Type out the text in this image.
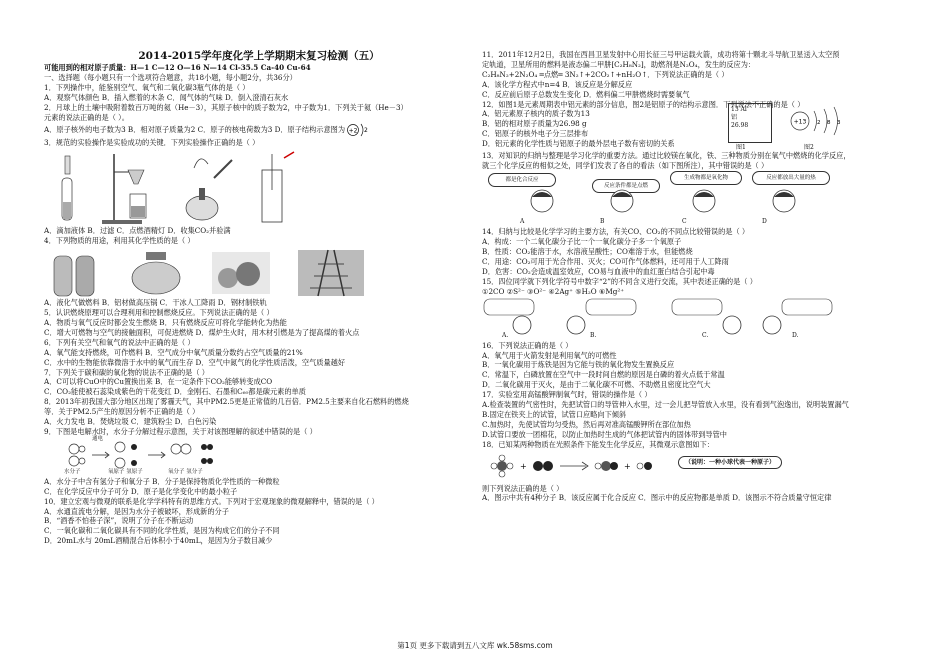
2014-2015学年度化学上学期期末复习检测（五）

可能用到的相对原子质量：H—1 C—12 O—16 N—14 Cl-35.5 Ca-40 Cu-64

一、选择题（每小题只有一个选项符合题意，共18小题，每小题2分，共36分）

1．下列操作中，能鉴别空气、氧气和二氧化碳3瓶气体的是（ ）

A．观察气体颜色 B．插入燃着的木条 C．闻气体的气味 D．倒入澄清石灰水

2．月球上的土壤中吸附着数百万吨的氦（He－3），其原子核中的质子数为2，中子数为1．下列关于氦（He－3）

元素的说法正确的是（ ）。

A．原子核外的电子数为3 B．相对原子质量为2 C．原子的核电荷数为3 D．原子结构示意图为 +2 2

3．规范的实验操作是实验成功的关键．下列实验操作正确的是（ ）

A．滴加液体 B．过滤 C．点燃酒精灯 D．收集CO₂并验满

4．下列物质的用途，利用其化学性质的是（ ）

A．液化气做燃料 B．铝材做高压锅 C．干冰人工降雨 D．钢材制铁轨

5．认识燃烧原理可以合理利用和控制燃烧反应。下列说法正确的是（ ）

A．物质与氧气反应时都会发生燃烧 B．只有燃烧反应可将化学能转化为热能

C．增大可燃物与空气的接触面积，可促进燃烧 D．煤炉生火时，用木材引燃是为了提高煤的着火点

6．下列有关空气和氧气的说法中正确的是（ ）

A．氧气能支持燃烧，可作燃料 B．空气成分中氧气质量分数约占空气质量的21%

C．水中的生物能依靠微溶于水中的氧气而生存 D．空气中氮气的化学性质活泼，空气质量越好

7．下列关于碳和碳的氧化物的说法不正确的是（ ）

A．C可以将CuO中的Cu置换出来 B．在一定条件下CO₂能够转变成CO

C．CO₂能使被石蕊染成紫色的干花变红 D．金刚石、石墨和C₆₀都是碳元素的单质

8．2013年初我国大部分地区出现了雾霾天气，其中PM2.5更是正常值的几百倍．PM2.5主要来自化石燃料的燃烧

等．关于PM2.5产生的原因分析不正确的是（ ）

A．火力发电 B．焚烧垃圾 C．建筑粉尘 D．白色污染

9．下图是电解水时，水分子分解过程示意图，关于对该图理解的叙述中错误的是（ ）

通电
水分子	氧原子 氢原子	氧分子 氢分子

A．水分子中含有氢分子和氧分子 B．分子是保持物质化学性质的一种微粒

C．在化学反应中分子可分 D．原子是化学变化中的最小粒子

10．建立宏观与微观的联系是化学学科特有的思维方式。下列对于宏观现象的微观解释中，错误的是（ ）

A．水通直流电分解，是因为水分子被破坏，形成新的分子

B．“酒香不怕巷子深”，说明了分子在不断运动

C．一氧化碳和二氧化碳具有不同的化学性质，是因为构成它们的分子不同

D．20mL水与 20mL酒精混合后体积小于40mL，是因为分子数目减少

11．2011年12月2日，我国在西昌卫星发射中心用长征三号甲运载火箭，成功将第十颗北斗导航卫星送入太空预

定轨道，卫星所用的燃料是液态偏二甲肼[C₂H₈N₂]，助燃剂是N₂O₄，发生的反应为：

C₂H₈N₂+2N₂O₄ ═点燃═ 3N₂↑+2CO₂↑+nH₂O↑．下列说法正确的是（ ）

A．该化学方程式中n=4 B．该反应是分解反应

C．反应前后原子总数发生变化 D．燃料偏二甲肼燃烧时需要氧气

12．如图1是元素周期表中铝元素的部分信息，图2是铝原子的结构示意图．下列说法不正确的是（ ）

A．铝元素原子核内的质子数为13

B．铝的相对原子质量为26.98 g

C．铝原子的核外电子分三层排布

D．铝元素的化学性质与铝原子的最外层电子数有密切的关系

13 Al
铝
26.98
图1
+13 2 8 3
图2

13．对知识的归纳与整理是学习化学的重要方法。通过比较镁在氧化，铁、三种物质分别在氧气中燃烧的化学反应，

就三个化学反应的相似之处，同学们发表了各自的看法（如下图所注），其中错误的是（ ）

都是化合反应
反应条件都是点燃
生成物都是氧化物	反应都放出大量的热
A	B	C	D

14．归纳与比较是化学学习的主要方法，有关CO、CO₂的不同点比较错误的是（ ）

A．构成：一个二氧化碳分子比一个一氧化碳分子多一个氧原子

B．性质：CO₂能溶于水，水溶液呈酸性；CO难溶于水，但能燃烧

C．用途：CO₂可用于光合作用、灭火；CO可作气体燃料，还可用于人工降雨

D．危害：CO₂会造成温室效应，CO易与血液中的血红蛋白结合引起中毒

15．四位同学就下列化学符号中数字“2”的不同含义进行交流，其中表述正确的是（ ）

①2CO ②S²⁻ ③O²⁻ ④2Ag⁺ ⑤H₂O ⑥Mg²⁺

A.	B.	C.	D.

16．下列说法正确的是（ ）

A．氧气用于火箭发射是利用氧气的可燃性

B．一氧化碳用于炼铁是因为它能与铁的氧化物发生置换反应

C．常温下，白磷放置在空气中一段时间自燃的原因是白磷的着火点低于常温

D．二氧化碳用于灭火，是由于二氧化碳不可燃、不助燃且密度比空气大

17．实验室用高锰酸钾制氧气时，错误的操作是（ ）

A.检查装置的气密性时，先把试管口的导管伸入水里，过一会儿把导管放入水里，没有看到气泡逸出，说明装置漏气

B.固定在铁夹上的试管，试管口应略向下倾斜

C.加热时，先使试管均匀受热，然后再对准高锰酸钾所在部位加热

D.试管口要放一团棉花，以防止加热时生成的气体把试管内的固体带到导管中

18．已知某两种物质在光照条件下能发生化学反应，其微观示意图如下：

+	+	（说明：一种小球代表一种原子）

则下列说法正确的是（ ）

A．图示中共有4种分子 B．该反应属于化合反应 C．图示中的反应物都是单质 D．该图示不符合质量守恒定律

第1页 更多下载请到五八文库 wk.58sms.com
